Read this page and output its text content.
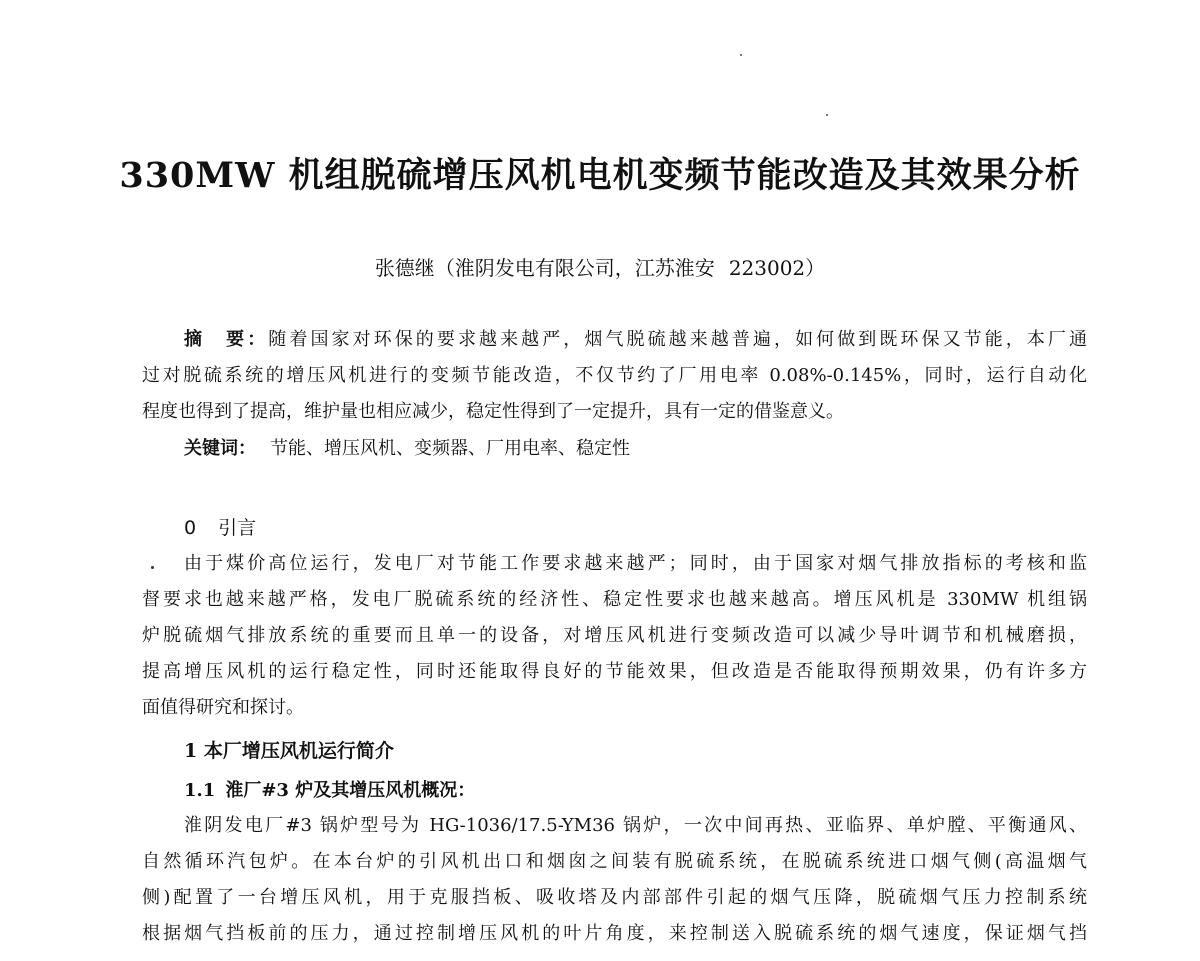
330MW 机组脱硫增压风机电机变频节能改造及其效果分析
张德继（淮阴发电有限公司，江苏淮安 223002）
摘 要：随着国家对环保的要求越来越严，烟气脱硫越来越普遍，如何做到既环保又节能，本厂通
过对脱硫系统的增压风机进行的变频节能改造，不仅节约了厂用电率 0.08%-0.145%，同时，运行自动化
程度也得到了提高，维护量也相应减少，稳定性得到了一定提升，具有一定的借鉴意义。
关键词： 节能、增压风机、变频器、厂用电率、稳定性
0 引言
由于煤价高位运行，发电厂对节能工作要求越来越严；同时，由于国家对烟气排放指标的考核和监
督要求也越来越严格，发电厂脱硫系统的经济性、稳定性要求也越来越高。增压风机是 330MW 机组锅
炉脱硫烟气排放系统的重要而且单一的设备，对增压风机进行变频改造可以减少导叶调节和机械磨损，
提高增压风机的运行稳定性，同时还能取得良好的节能效果，但改造是否能取得预期效果，仍有许多方
面值得研究和探讨。
1 本厂增压风机运行简介
1.1 淮厂#3 炉及其增压风机概况：
淮阴发电厂#3 锅炉型号为 HG-1036/17.5-YM36 锅炉，一次中间再热、亚临界、单炉膛、平衡通风、
自然循环汽包炉。在本台炉的引风机出口和烟囱之间装有脱硫系统，在脱硫系统进口烟气侧(高温烟气
侧)配置了一台增压风机，用于克服挡板、吸收塔及内部部件引起的烟气压降，脱硫烟气压力控制系统
根据烟气挡板前的压力，通过控制增压风机的叶片角度，来控制送入脱硫系统的烟气速度，保证烟气挡
